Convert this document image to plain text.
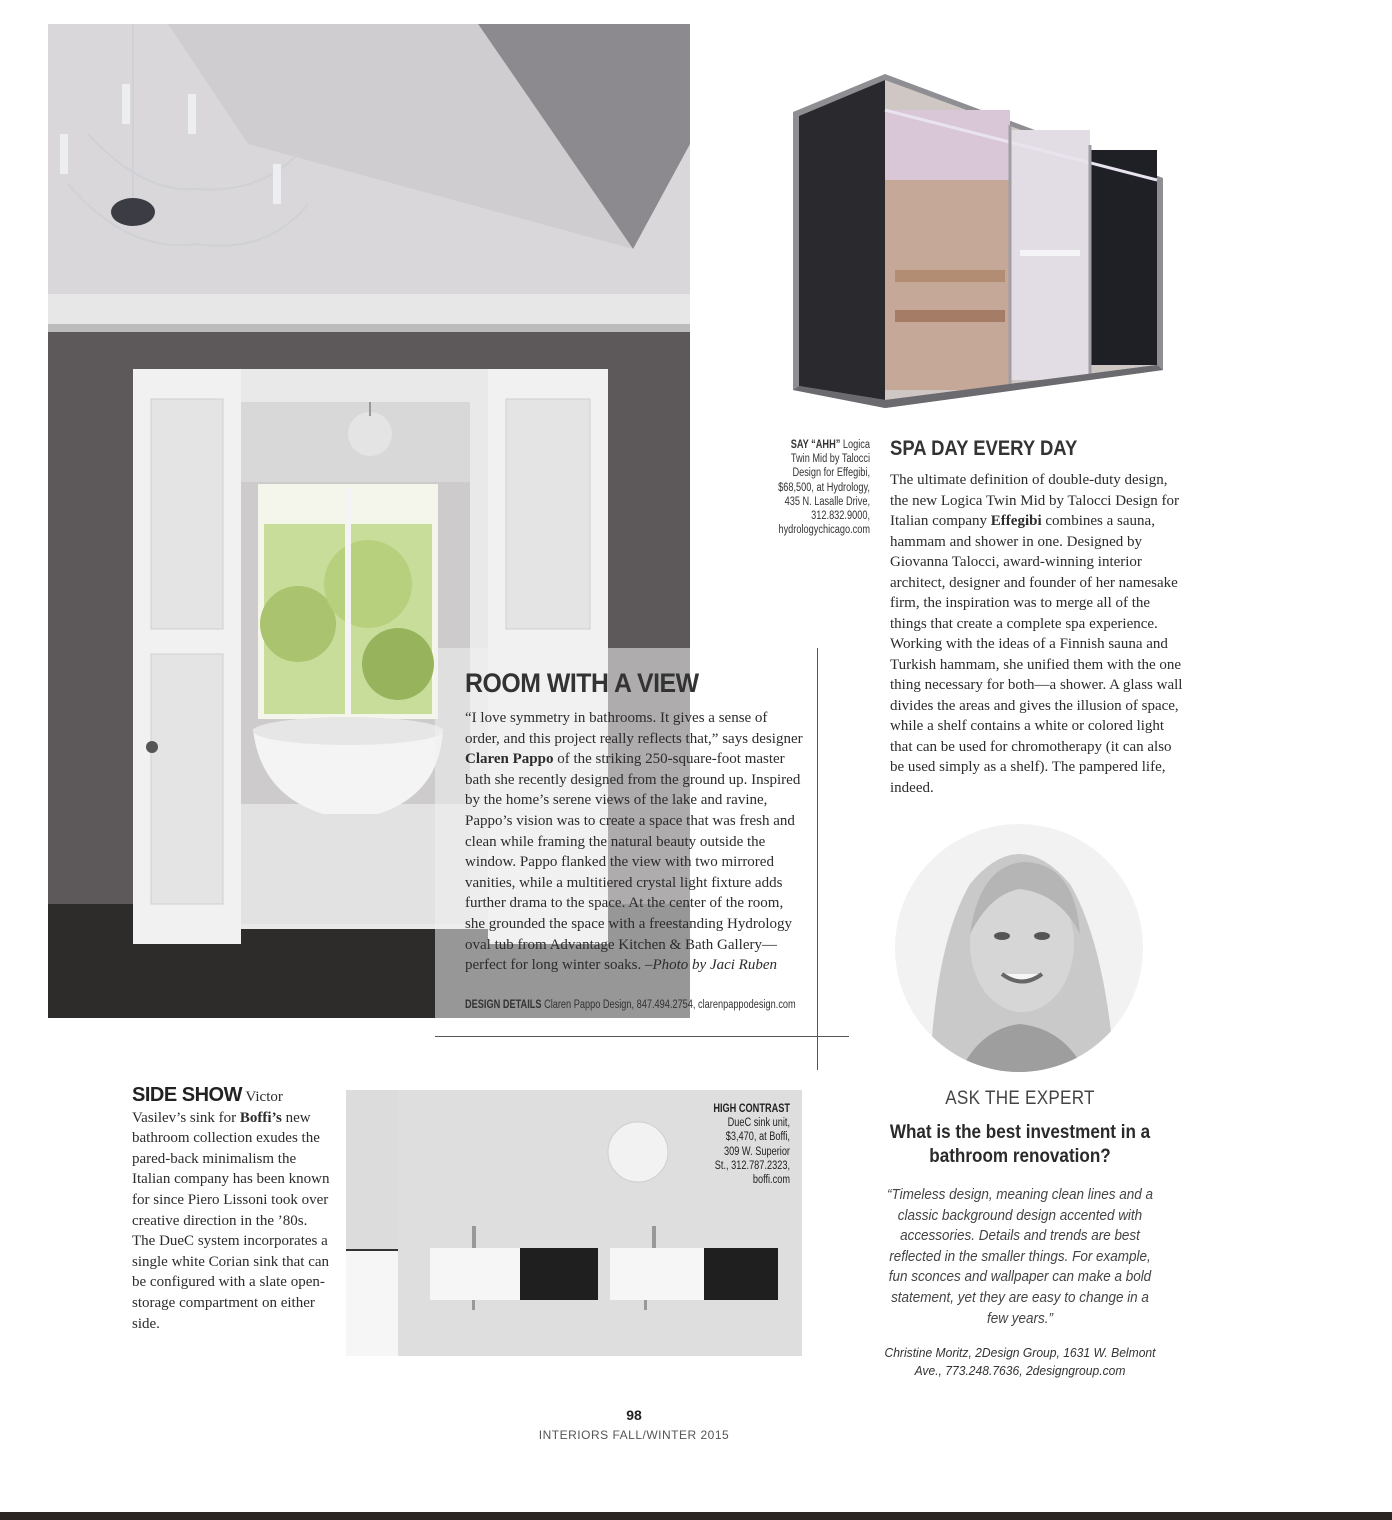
ROOM WITH A VIEW
“I love symmetry in bathrooms. It gives a sense of order, and this project really reflects that,” says designer Claren Pappo of the striking 250-square-foot master bath she recently designed from the ground up. Inspired by the home’s serene views of the lake and ravine, Pappo’s vision was to create a space that was fresh and clean while framing the natural beauty outside the window. Pappo flanked the view with two mirrored vanities, while a multitiered crystal light fixture adds further drama to the space. At the center of the room, she grounded the space with a freestanding Hydrology oval tub from Advantage Kitchen & Bath Gallery—perfect for long winter soaks. –Photo by Jaci Ruben
DESIGN DETAILS Claren Pappo Design, 847.494.2754, clarenpappodesign.com
SAY “AHH” Logica Twin Mid by Talocci Design for Effegibi, $68,500, at Hydrology, 435 N. Lasalle Drive, 312.832.9000, hydrologychicago.com
SPA DAY EVERY DAY
The ultimate definition of double-duty design, the new Logica Twin Mid by Talocci Design for Italian company Effegibi combines a sauna, hammam and shower in one. Designed by Giovanna Talocci, award-winning interior architect, designer and founder of her namesake firm, the inspiration was to merge all of the things that create a complete spa experience. Working with the ideas of a Finnish sauna and Turkish hammam, she unified them with the one thing necessary for both—a shower. A glass wall divides the areas and gives the illusion of space, while a shelf contains a white or colored light that can be used for chromotherapy (it can also be used simply as a shelf). The pampered life, indeed.
ASK THE EXPERT
What is the best investment in a bathroom renovation?
“Timeless design, meaning clean lines and a classic background design accented with accessories. Details and trends are best reflected in the smaller things. For example, fun sconces and wallpaper can make a bold statement, yet they are easy to change in a few years.”
Christine Moritz, 2Design Group, 1631 W. Belmont Ave., 773.248.7636, 2designgroup.com
SIDE SHOW Victor Vasilev’s sink for Boffi’s new bathroom collection exudes the pared-back minimalism the Italian company has been known for since Piero Lissoni took over creative direction in the ’80s. The DueC system incorporates a single white Corian sink that can be configured with a slate open-storage compartment on either side.
HIGH CONTRAST
DueC sink unit, $3,470, at Boffi, 309 W. Superior St., 312.787.2323, boffi.com
98
INTERIORS FALL/WINTER 2015
